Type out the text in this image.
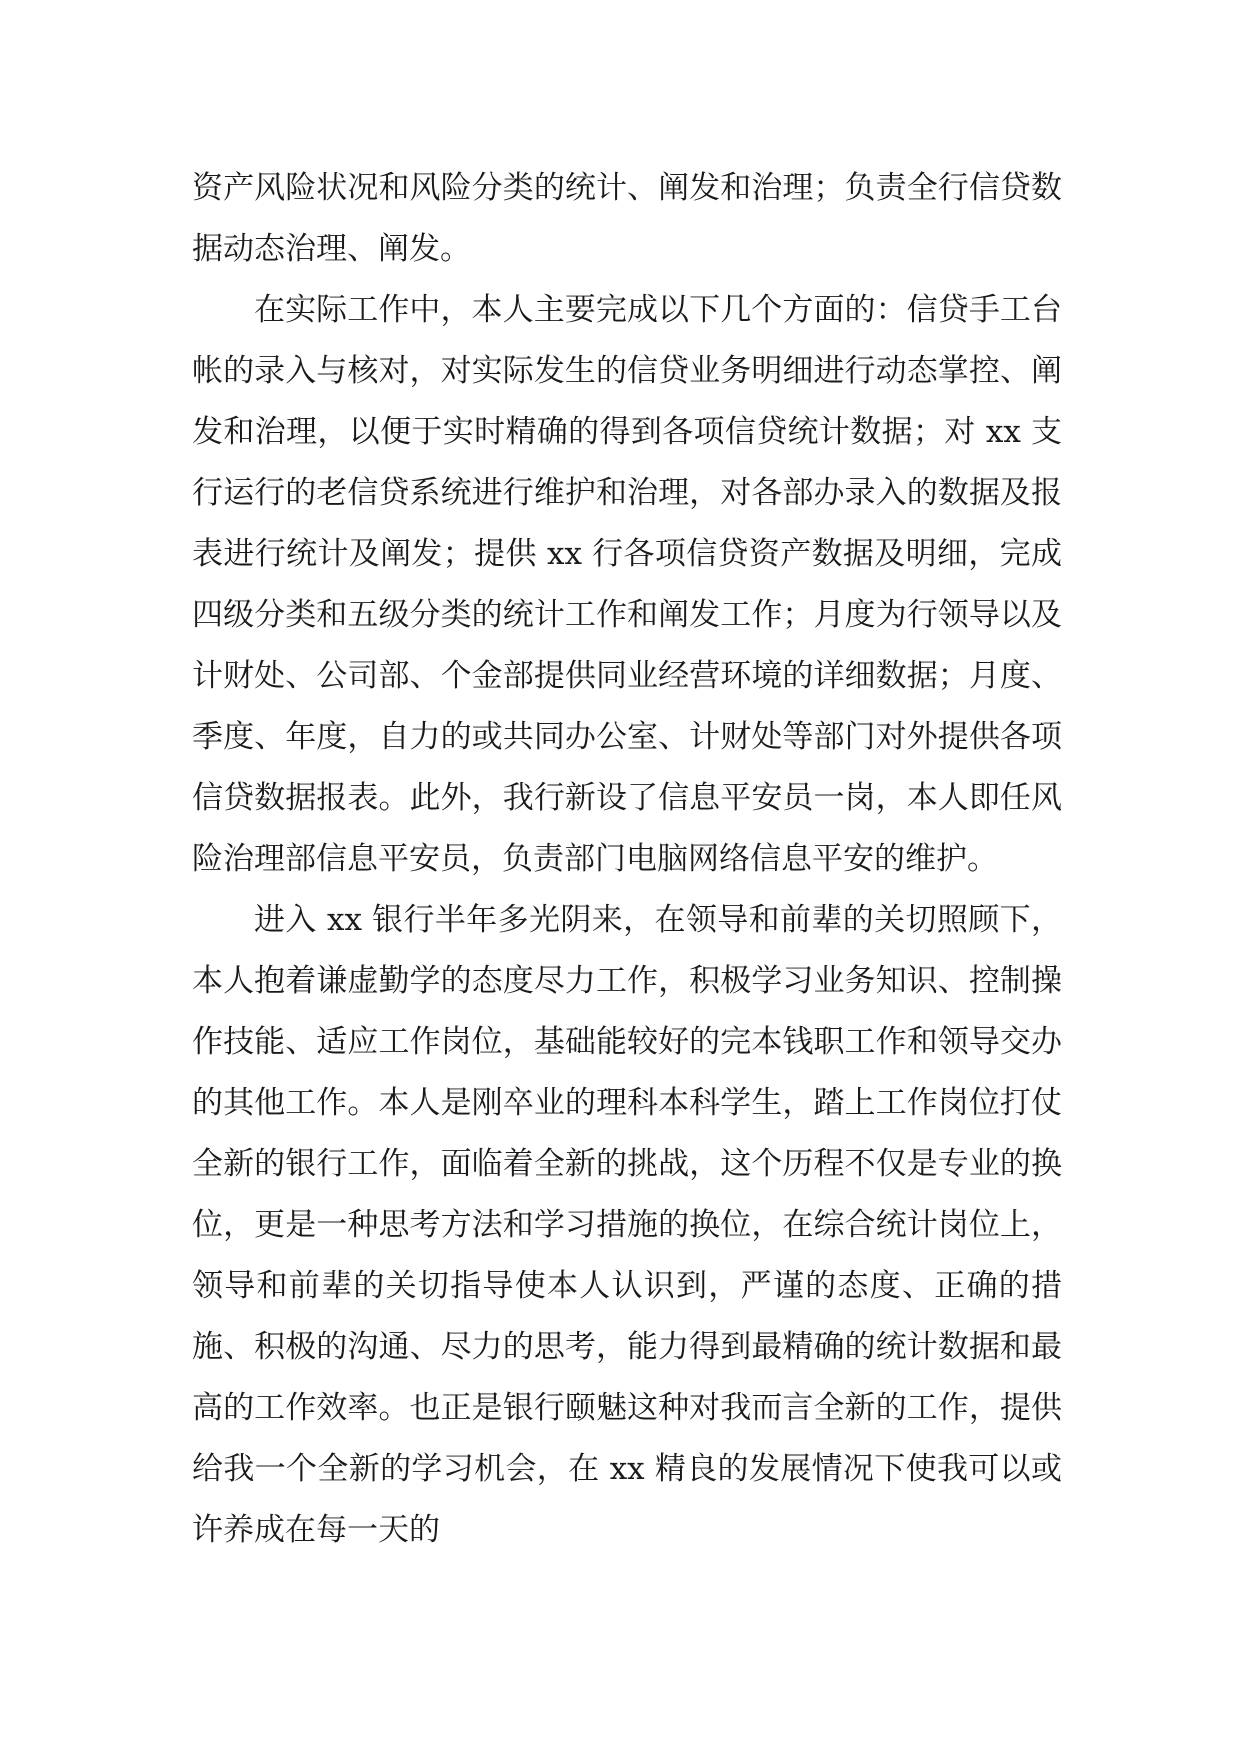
资产风险状况和风险分类的统计、阐发和治理；负责全行信贷数据动态治理、阐发。

在实际工作中，本人主要完成以下几个方面的：信贷手工台帐的录入与核对，对实际发生的信贷业务明细进行动态掌控、阐发和治理，以便于实时精确的得到各项信贷统计数据；对 xx 支行运行的老信贷系统进行维护和治理，对各部办录入的数据及报表进行统计及阐发；提供 xx 行各项信贷资产数据及明细，完成四级分类和五级分类的统计工作和阐发工作；月度为行领导以及计财处、公司部、个金部提供同业经营环境的详细数据；月度、季度、年度，自力的或共同办公室、计财处等部门对外提供各项信贷数据报表。此外，我行新设了信息平安员一岗，本人即任风险治理部信息平安员，负责部门电脑网络信息平安的维护。

进入 xx 银行半年多光阴来，在领导和前辈的关切照顾下，本人抱着谦虚勤学的态度尽力工作，积极学习业务知识、控制操作技能、适应工作岗位，基础能较好的完本钱职工作和领导交办的其他工作。本人是刚卒业的理科本科学生，踏上工作岗位打仗全新的银行工作，面临着全新的挑战，这个历程不仅是专业的换位，更是一种思考方法和学习措施的换位，在综合统计岗位上，领导和前辈的关切指导使本人认识到，严谨的态度、正确的措施、积极的沟通、尽力的思考，能力得到最精确的统计数据和最高的工作效率。也正是银行颐魅这种对我而言全新的工作，提供给我一个全新的学习机会，在 xx 精良的发展情况下使我可以或许养成在每一天的
